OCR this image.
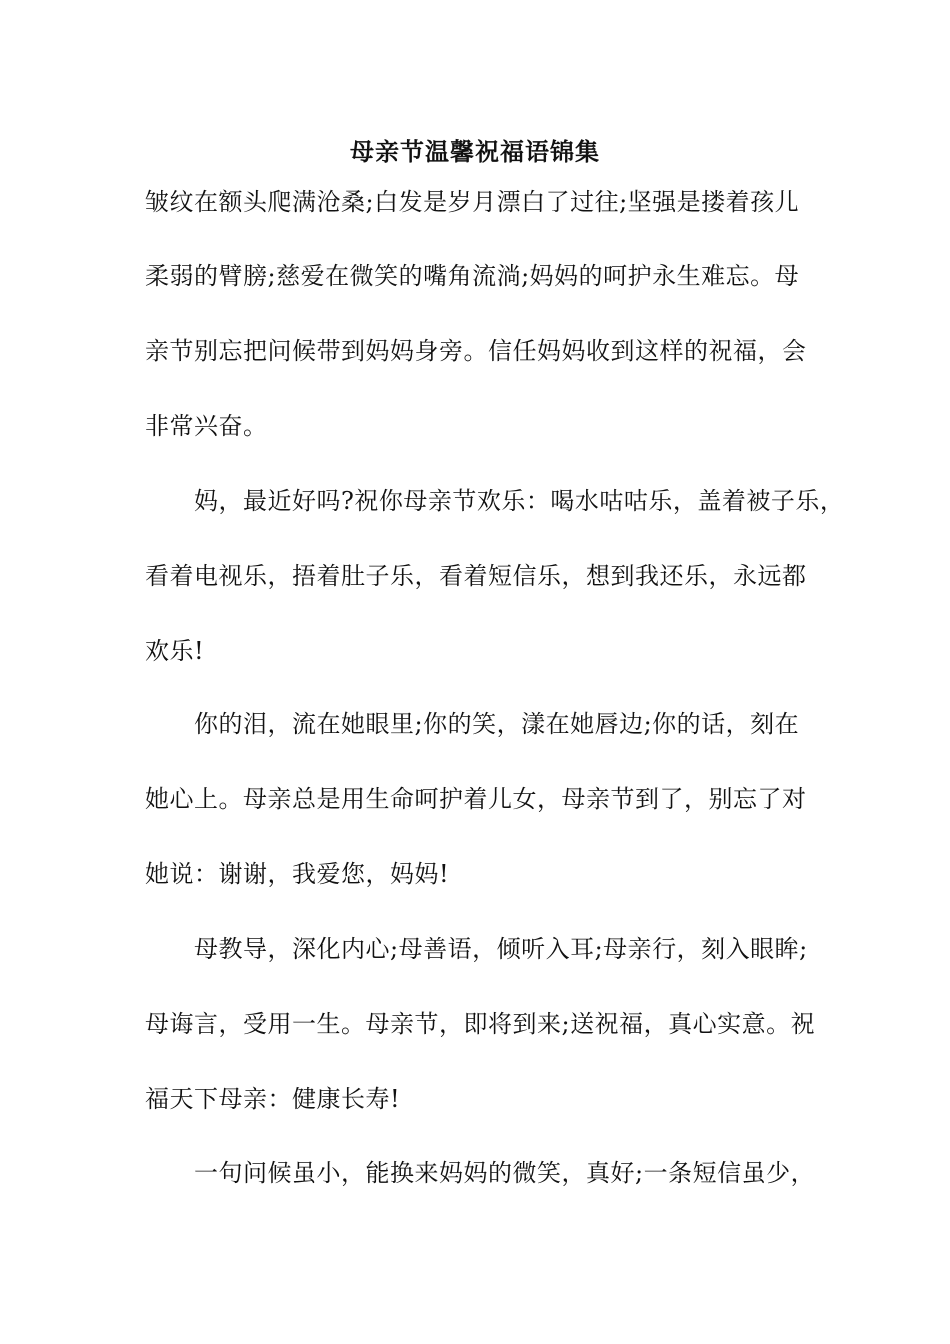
母亲节温馨祝福语锦集
皱纹在额头爬满沧桑;白发是岁月漂白了过往;坚强是搂着孩儿
柔弱的臂膀;慈爱在微笑的嘴角流淌;妈妈的呵护永生难忘。母
亲节别忘把问候带到妈妈身旁。信任妈妈收到这样的祝福，会
非常兴奋。
　　妈，最近好吗?祝你母亲节欢乐：喝水咕咕乐，盖着被子乐，
看着电视乐，捂着肚子乐，看着短信乐，想到我还乐，永远都
欢乐!
　　你的泪，流在她眼里;你的笑，漾在她唇边;你的话，刻在
她心上。母亲总是用生命呵护着儿女，母亲节到了，别忘了对
她说：谢谢，我爱您，妈妈!
　　母教导，深化内心;母善语，倾听入耳;母亲行，刻入眼眸;
母诲言，受用一生。母亲节，即将到来;送祝福，真心实意。祝
福天下母亲：健康长寿!
　　一句问候虽小，能换来妈妈的微笑，真好;一条短信虽少，
